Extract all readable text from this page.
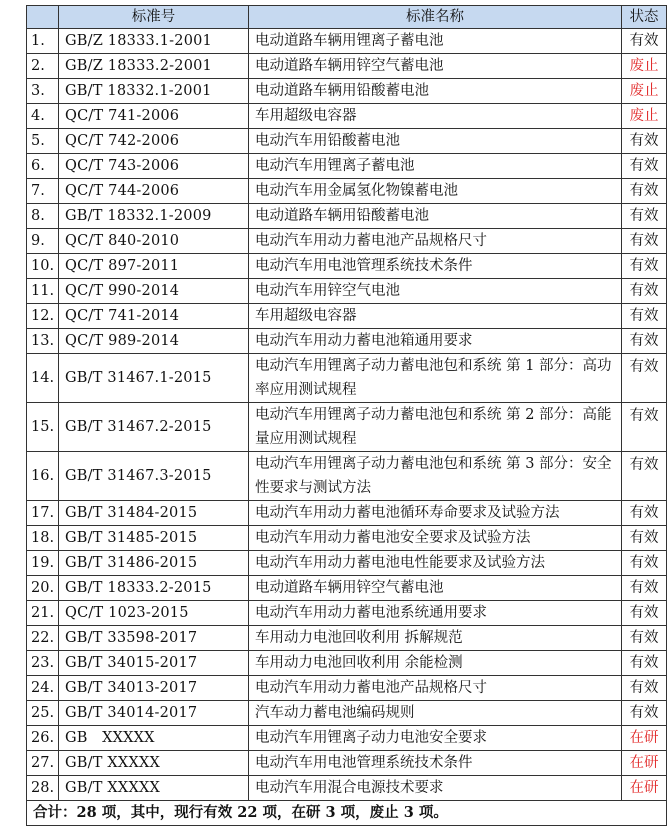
	标准号	标准名称	状态
1.	GB/Z 18333.1-2001	电动道路车辆用锂离子蓄电池	有效
2.	GB/Z 18333.2-2001	电动道路车辆用锌空气蓄电池	废止
3.	GB/T 18332.1-2001	电动道路车辆用铅酸蓄电池	废止
4.	QC/T 741-2006	车用超级电容器	废止
5.	QC/T 742-2006	电动汽车用铅酸蓄电池	有效
6.	QC/T 743-2006	电动汽车用锂离子蓄电池	有效
7.	QC/T 744-2006	电动汽车用金属氢化物镍蓄电池	有效
8.	GB/T 18332.1-2009	电动道路车辆用铅酸蓄电池	有效
9.	QC/T 840-2010	电动汽车用动力蓄电池产品规格尺寸	有效
10.	QC/T 897-2011	电动汽车用电池管理系统技术条件	有效
11.	QC/T 990-2014	电动汽车用锌空气电池	有效
12.	QC/T 741-2014	车用超级电容器	有效
13.	QC/T 989-2014	电动汽车用动力蓄电池箱通用要求	有效
14.	GB/T 31467.1-2015	电动汽车用锂离子动力蓄电池包和系统 第 1 部分：高功率应用测试规程	有效
15.	GB/T 31467.2-2015	电动汽车用锂离子动力蓄电池包和系统 第 2 部分：高能量应用测试规程	有效
16.	GB/T 31467.3-2015	电动汽车用锂离子动力蓄电池包和系统 第 3 部分：安全性要求与测试方法	有效
17.	GB/T 31484-2015	电动汽车用动力蓄电池循环寿命要求及试验方法	有效
18.	GB/T 31485-2015	电动汽车用动力蓄电池安全要求及试验方法	有效
19.	GB/T 31486-2015	电动汽车用动力蓄电池电性能要求及试验方法	有效
20.	GB/T 18333.2-2015	电动道路车辆用锌空气蓄电池	有效
21.	QC/T 1023-2015	电动汽车用动力蓄电池系统通用要求	有效
22.	GB/T 33598-2017	车用动力电池回收利用 拆解规范	有效
23.	GB/T 34015-2017	车用动力电池回收利用 余能检测	有效
24.	GB/T 34013-2017	电动汽车用动力蓄电池产品规格尺寸	有效
25.	GB/T 34014-2017	汽车动力蓄电池编码规则	有效
26.	GB   XXXXX	电动汽车用锂离子动力电池安全要求	在研
27.	GB/T XXXXX	电动汽车用电池管理系统技术条件	在研
28.	GB/T XXXXX	电动汽车用混合电源技术要求	在研
合计：28 项，其中，现行有效 22 项，在研 3 项，废止 3 项。			
